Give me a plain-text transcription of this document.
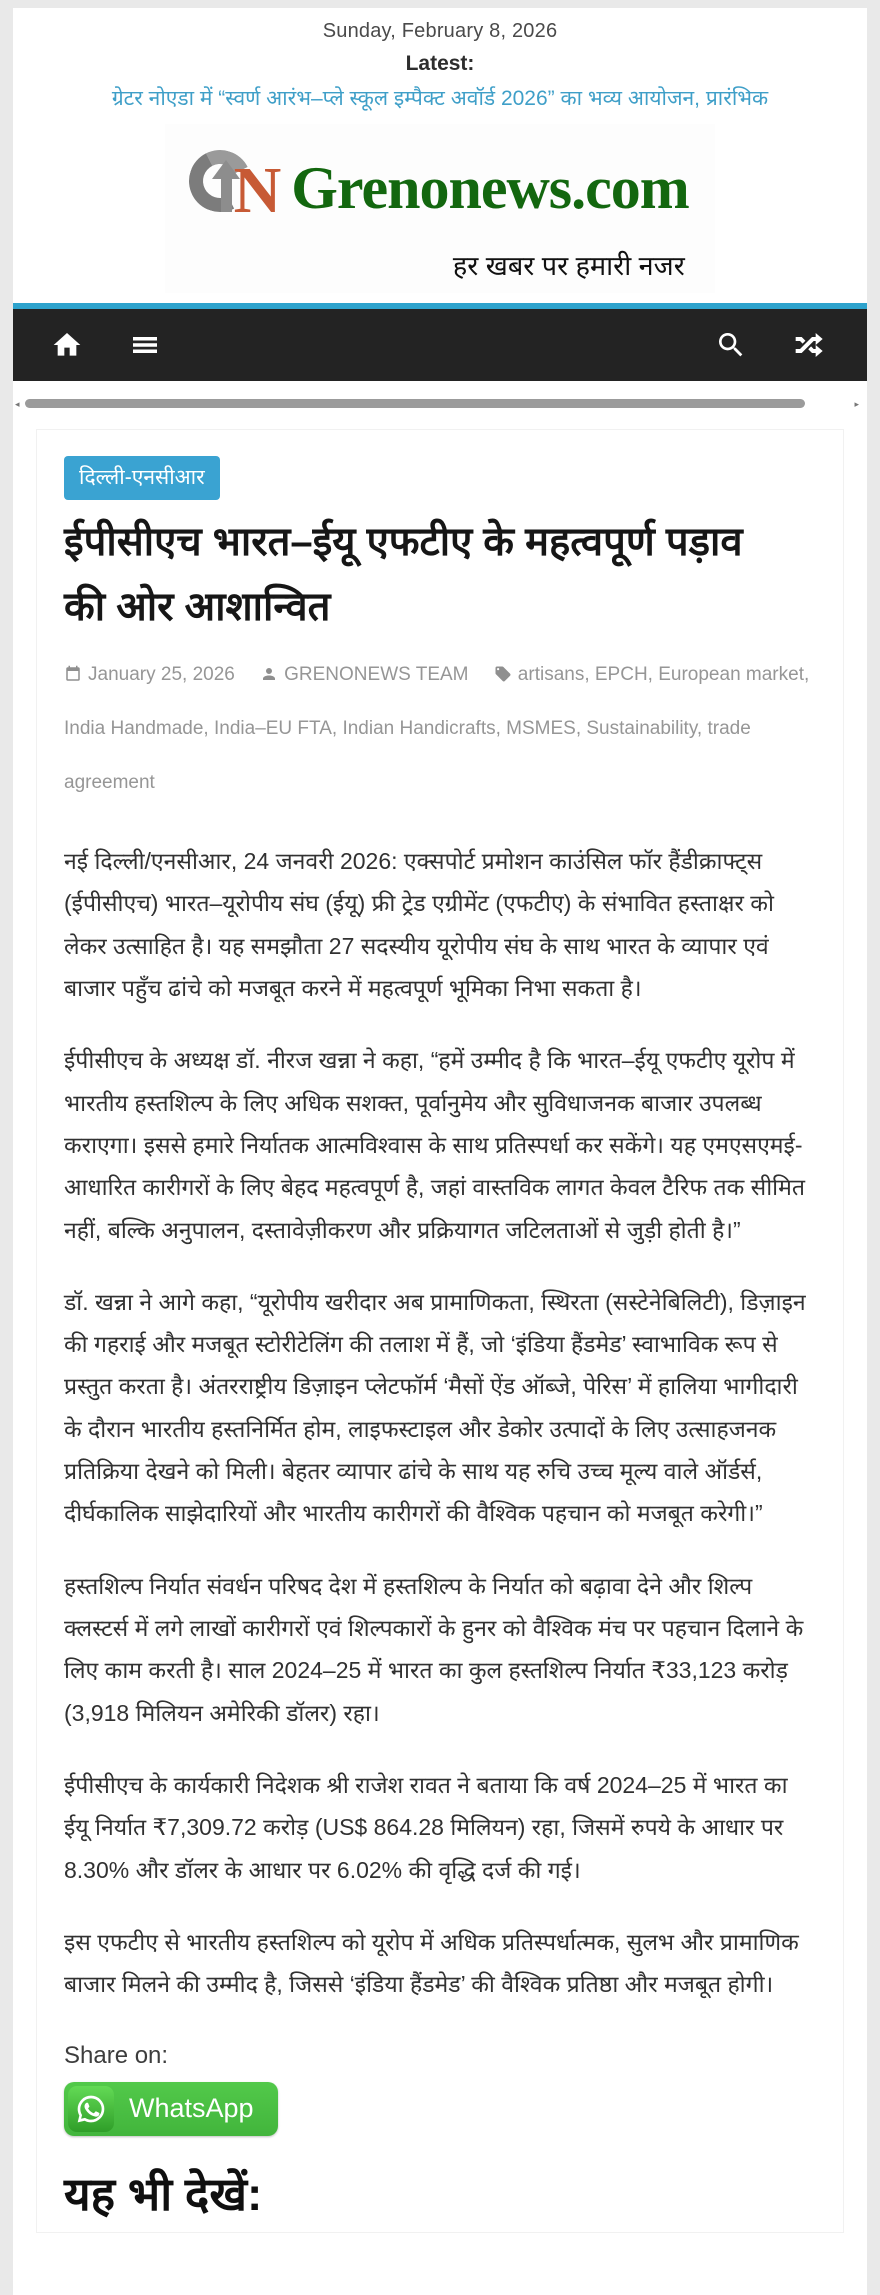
Sunday, February 8, 2026
Latest:
ग्रेटर नोएडा में “स्वर्ण आरंभ–प्ले स्कूल इम्पैक्ट अवॉर्ड 2026” का भव्य आयोजन, प्रारंभिक
N Grenonews.com
हर खबर पर हमारी नजर
◂	▸
दिल्ली-एनसीआर
ईपीसीएच भारत–ईयू एफटीए के महत्वपूर्ण पड़ाव की ओर आशान्वित
January 25, 2026	GRENONEWS TEAM	artisans, EPCH, European market, India Handmade, India–EU FTA, Indian Handicrafts, MSMES, Sustainability, trade agreement

नई दिल्ली/एनसीआर, 24 जनवरी 2026: एक्सपोर्ट प्रमोशन काउंसिल फॉर हैंडीक्राफ्ट्स (ईपीसीएच) भारत–यूरोपीय संघ (ईयू) फ्री ट्रेड एग्रीमेंट (एफटीए) के संभावित हस्ताक्षर को लेकर उत्साहित है। यह समझौता 27 सदस्यीय यूरोपीय संघ के साथ भारत के व्यापार एवं बाजार पहुँच ढांचे को मजबूत करने में महत्वपूर्ण भूमिका निभा सकता है।

ईपीसीएच के अध्यक्ष डॉ. नीरज खन्ना ने कहा, “हमें उम्मीद है कि भारत–ईयू एफटीए यूरोप में भारतीय हस्तशिल्प के लिए अधिक सशक्त, पूर्वानुमेय और सुविधाजनक बाजार उपलब्ध कराएगा। इससे हमारे निर्यातक आत्मविश्वास के साथ प्रतिस्पर्धा कर सकेंगे। यह एमएसएमई-आधारित कारीगरों के लिए बेहद महत्वपूर्ण है, जहां वास्तविक लागत केवल टैरिफ तक सीमित नहीं, बल्कि अनुपालन, दस्तावेज़ीकरण और प्रक्रियागत जटिलताओं से जुड़ी होती है।”

डॉ. खन्ना ने आगे कहा, “यूरोपीय खरीदार अब प्रामाणिकता, स्थिरता (सस्टेनेबिलिटी), डिज़ाइन की गहराई और मजबूत स्टोरीटेलिंग की तलाश में हैं, जो ‘इंडिया हैंडमेड’ स्वाभाविक रूप से प्रस्तुत करता है। अंतरराष्ट्रीय डिज़ाइन प्लेटफॉर्म ‘मैसों ऐंड ऑब्जे, पेरिस’ में हालिया भागीदारी के दौरान भारतीय हस्तनिर्मित होम, लाइफस्टाइल और डेकोर उत्पादों के लिए उत्साहजनक प्रतिक्रिया देखने को मिली। बेहतर व्यापार ढांचे के साथ यह रुचि उच्च मूल्य वाले ऑर्डर्स, दीर्घकालिक साझेदारियों और भारतीय कारीगरों की वैश्विक पहचान को मजबूत करेगी।”

हस्तशिल्प निर्यात संवर्धन परिषद देश में हस्तशिल्प के निर्यात को बढ़ावा देने और शिल्प क्लस्टर्स में लगे लाखों कारीगरों एवं शिल्पकारों के हुनर को वैश्विक मंच पर पहचान दिलाने के लिए काम करती है। साल 2024–25 में भारत का कुल हस्तशिल्प निर्यात ₹33,123 करोड़ (3,918 मिलियन अमेरिकी डॉलर) रहा।

ईपीसीएच के कार्यकारी निदेशक श्री राजेश रावत ने बताया कि वर्ष 2024–25 में भारत का ईयू निर्यात ₹7,309.72 करोड़ (US$ 864.28 मिलियन) रहा, जिसमें रुपये के आधार पर 8.30% और डॉलर के आधार पर 6.02% की वृद्धि दर्ज की गई।

इस एफटीए से भारतीय हस्तशिल्प को यूरोप में अधिक प्रतिस्पर्धात्मक, सुलभ और प्रामाणिक बाजार मिलने की उम्मीद है, जिससे ‘इंडिया हैंडमेड’ की वैश्विक प्रतिष्ठा और मजबूत होगी।

Share on:
WhatsApp
यह भी देखें:
